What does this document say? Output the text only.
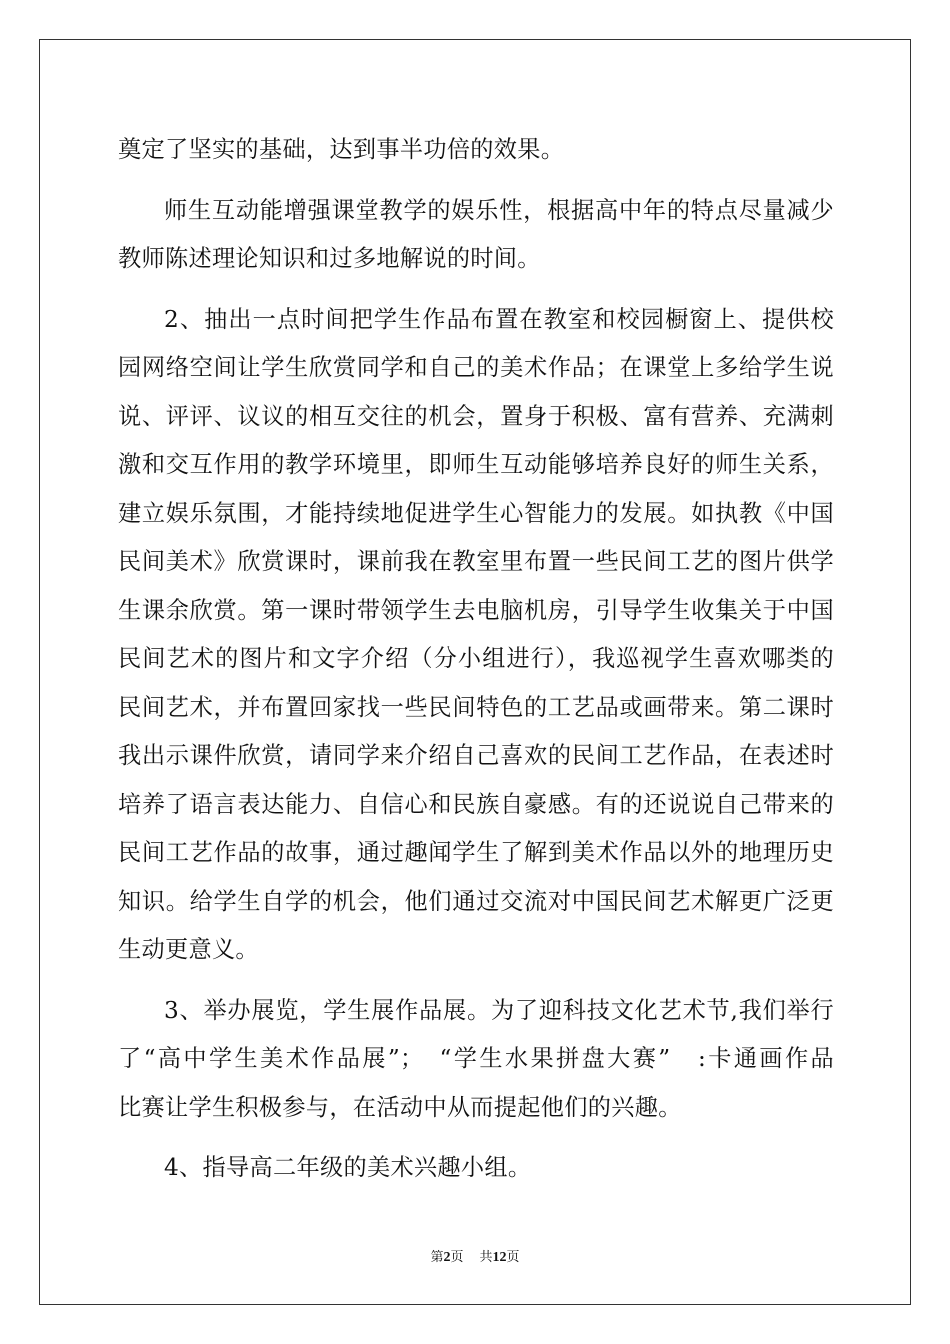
奠定了坚实的基础，达到事半功倍的效果。
师生互动能增强课堂教学的娱乐性，根据高中年的特点尽量减少
教师陈述理论知识和过多地解说的时间。
2、抽出一点时间把学生作品布置在教室和校园橱窗上、提供校
园网络空间让学生欣赏同学和自己的美术作品；在课堂上多给学生说
说、评评、议议的相互交往的机会，置身于积极、富有营养、充满刺
激和交互作用的教学环境里，即师生互动能够培养良好的师生关系，
建立娱乐氛围，才能持续地促进学生心智能力的发展。如执教《中国
民间美术》欣赏课时，课前我在教室里布置一些民间工艺的图片供学
生课余欣赏。第一课时带领学生去电脑机房，引导学生收集关于中国
民间艺术的图片和文字介绍（分小组进行），我巡视学生喜欢哪类的
民间艺术，并布置回家找一些民间特色的工艺品或画带来。第二课时
我出示课件欣赏，请同学来介绍自己喜欢的民间工艺作品，在表述时
培养了语言表达能力、自信心和民族自豪感。有的还说说自己带来的
民间工艺作品的故事，通过趣闻学生了解到美术作品以外的地理历史
知识。给学生自学的机会，他们通过交流对中国民间艺术解更广泛更
生动更意义。
3、举办展览，学生展作品展。为了迎科技文化艺术节,我们举行
了“高中学生美术作品展”；　“学生水果拼盘大赛”　:卡通画作品
比赛让学生积极参与，在活动中从而提起他们的兴趣。
4、指导高二年级的美术兴趣小组。
第2页 共12页
